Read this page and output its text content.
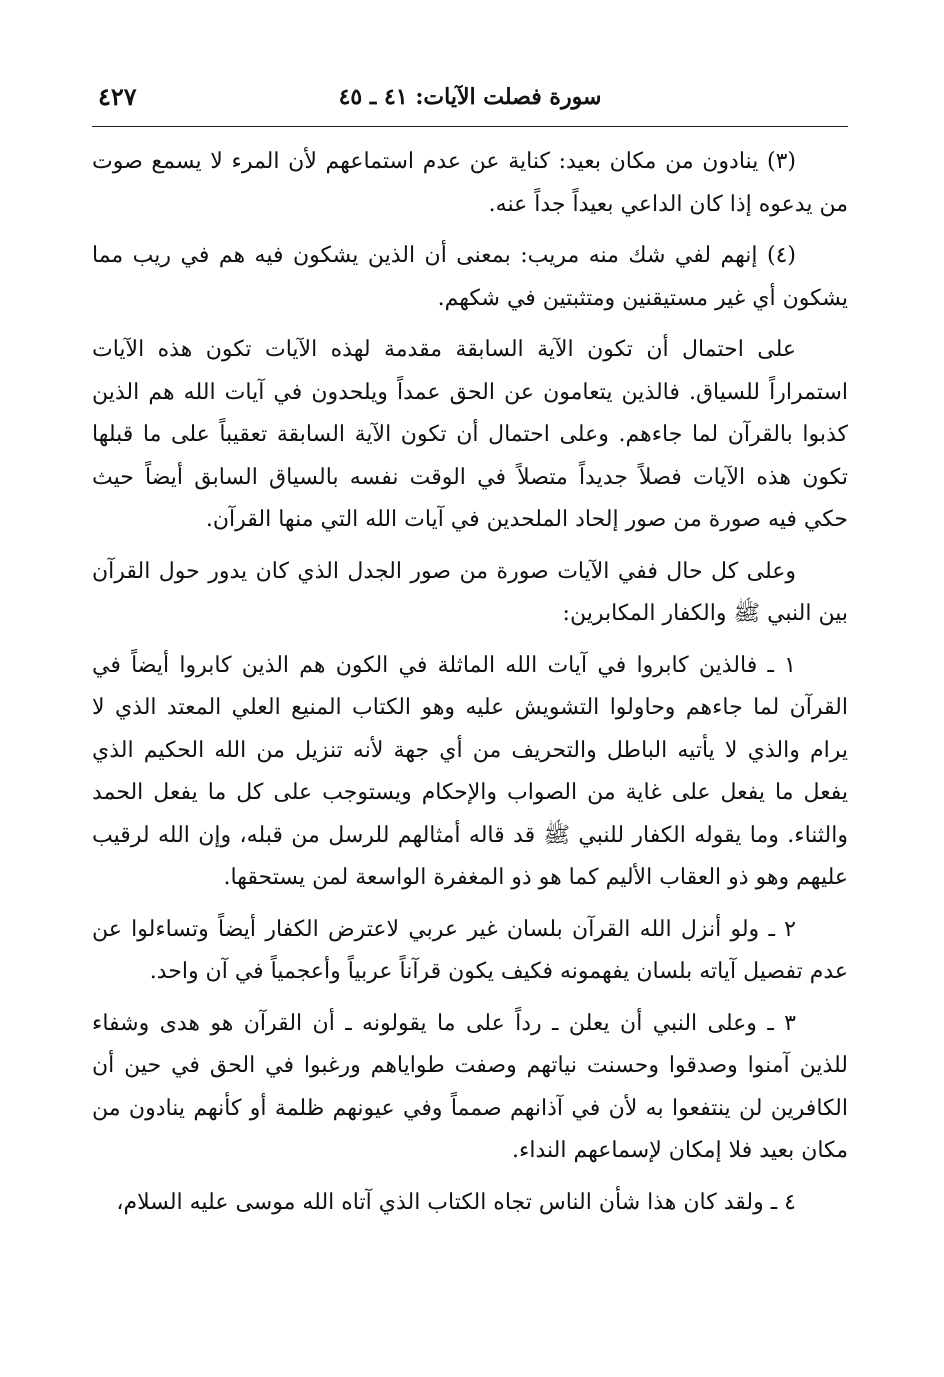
سورة فصلت الآيات: ٤١ ـ ٤٥
٤٢٧

(٣) ينادون من مكان بعيد: كناية عن عدم استماعهم لأن المرء لا يسمع صوت من يدعوه إذا كان الداعي بعيداً جداً عنه.

(٤) إنهم لفي شك منه مريب: بمعنى أن الذين يشكون فيه هم في ريب مما يشكون أي غير مستيقنين ومتثبتين في شكهم.

على احتمال أن تكون الآية السابقة مقدمة لهذه الآيات تكون هذه الآيات استمراراً للسياق. فالذين يتعامون عن الحق عمداً ويلحدون في آيات الله هم الذين كذبوا بالقرآن لما جاءهم. وعلى احتمال أن تكون الآية السابقة تعقيباً على ما قبلها تكون هذه الآيات فصلاً جديداً متصلاً في الوقت نفسه بالسياق السابق أيضاً حيث حكي فيه صورة من صور إلحاد الملحدين في آيات الله التي منها القرآن.

وعلى كل حال ففي الآيات صورة من صور الجدل الذي كان يدور حول القرآن بين النبي ﷺ والكفار المكابرين:

١ ـ فالذين كابروا في آيات الله الماثلة في الكون هم الذين كابروا أيضاً في القرآن لما جاءهم وحاولوا التشويش عليه وهو الكتاب المنيع العلي المعتد الذي لا يرام والذي لا يأتيه الباطل والتحريف من أي جهة لأنه تنزيل من الله الحكيم الذي يفعل ما يفعل على غاية من الصواب والإحكام ويستوجب على كل ما يفعل الحمد والثناء. وما يقوله الكفار للنبي ﷺ قد قاله أمثالهم للرسل من قبله، وإن الله لرقيب عليهم وهو ذو العقاب الأليم كما هو ذو المغفرة الواسعة لمن يستحقها.

٢ ـ ولو أنزل الله القرآن بلسان غير عربي لاعترض الكفار أيضاً وتساءلوا عن عدم تفصيل آياته بلسان يفهمونه فكيف يكون قرآناً عربياً وأعجمياً في آن واحد.

٣ ـ وعلى النبي أن يعلن ـ رداً على ما يقولونه ـ أن القرآن هو هدى وشفاء للذين آمنوا وصدقوا وحسنت نياتهم وصفت طواياهم ورغبوا في الحق في حين أن الكافرين لن ينتفعوا به لأن في آذانهم صمماً وفي عيونهم ظلمة أو كأنهم ينادون من مكان بعيد فلا إمكان لإسماعهم النداء.

٤ ـ ولقد كان هذا شأن الناس تجاه الكتاب الذي آتاه الله موسى عليه السلام،
